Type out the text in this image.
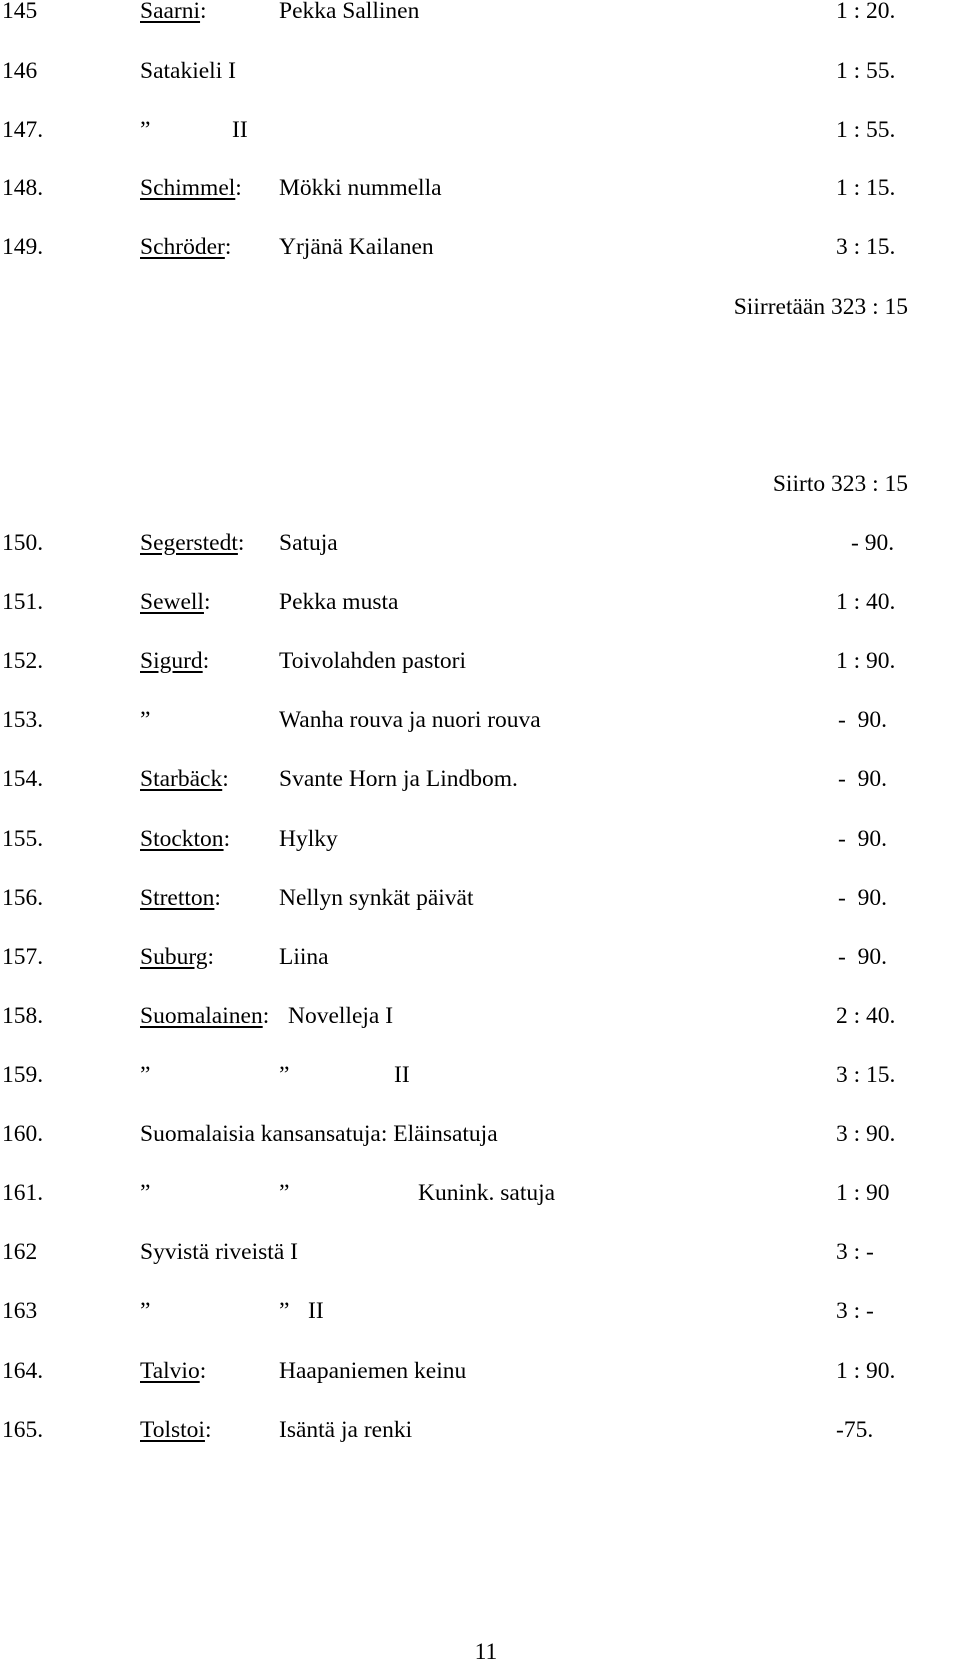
145	Saarni:	Pekka Sallinen	1 : 20.
146	Satakieli I	1 : 55.
147.	”	II	1 : 55.
148.	Schimmel: Mökki nummella	1 : 15.
149.	Schröder: Yrjänä Kailanen	3 : 15.
Siirretään 323 : 15
Siirto 323 : 15
150.	Segerstedt: Satuja	- 90.
151.	Sewell:	Pekka musta	1 : 40.
152.	Sigurd:	Toivolahden pastori	1 : 90.
153.	”	Wanha rouva ja nuori rouva	-  90.
154.	Starbäck: Svante Horn ja Lindbom.	-  90.
155.	Stockton: Hylky	-  90.
156.	Stretton: Nellyn synkät päivät	-  90.
157.	Suburg:	Liina	-  90.
158.	Suomalainen: Novelleja I	2 : 40.
159.	”	”	II	3 : 15.
160.	Suomalaisia kansansatuja: Eläinsatuja	3 : 90.
161.	”	”	Kunink. satuja	1 : 90
162	Syvistä riveistä I	3 : -
163	”	” II	3 : -
164.	Talvio:	Haapaniemen keinu	1 : 90.
165.	Tolstoi:	Isäntä ja renki	-75.
11
